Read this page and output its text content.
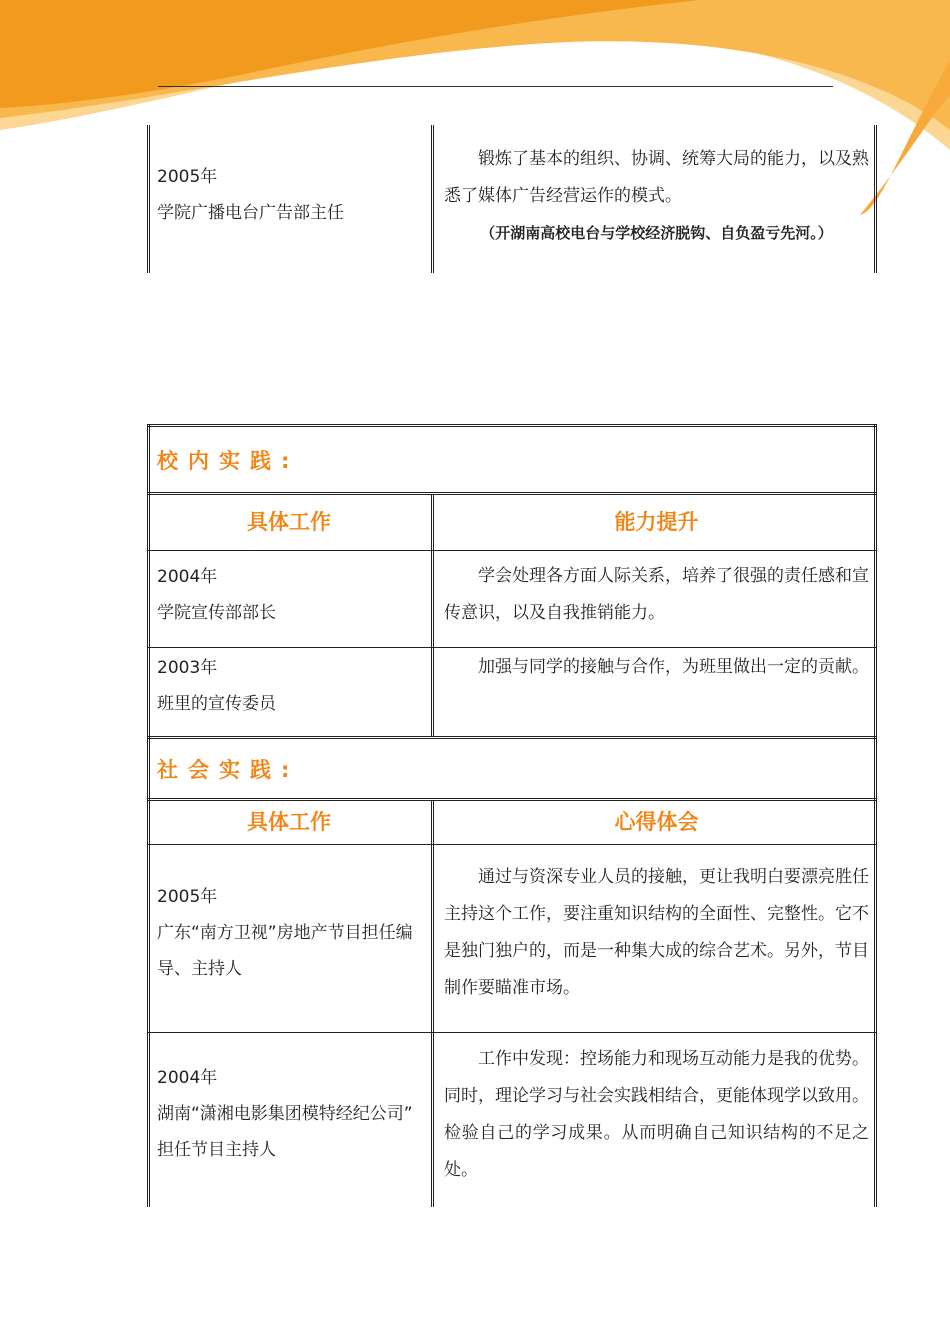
2005年
学院广播电台广告部主任

锻炼了基本的组织、协调、统筹大局的能力，以及熟悉了媒体广告经营运作的模式。

（开湖南高校电台与学校经济脱钩、自负盈亏先河。）

校内实践:
具体工作	能力提升
2004年
学院宣传部部长

学会处理各方面人际关系，培养了很强的责任感和宣传意识，以及自我推销能力。

2003年
班里的宣传委员

加强与同学的接触与合作，为班里做出一定的贡献。

社会实践:
具体工作	心得体会
2005年
广东“南方卫视”房地产节目担任编导、主持人

通过与资深专业人员的接触，更让我明白要漂亮胜任主持这个工作，要注重知识结构的全面性、完整性。它不是独门独户的，而是一种集大成的综合艺术。另外，节目制作要瞄准市场。

2004年
湖南“潇湘电影集团模特经纪公司” 担任节目主持人

工作中发现：控场能力和现场互动能力是我的优势。同时，理论学习与社会实践相结合，更能体现学以致用。检验自己的学习成果。从而明确自己知识结构的不足之处。
